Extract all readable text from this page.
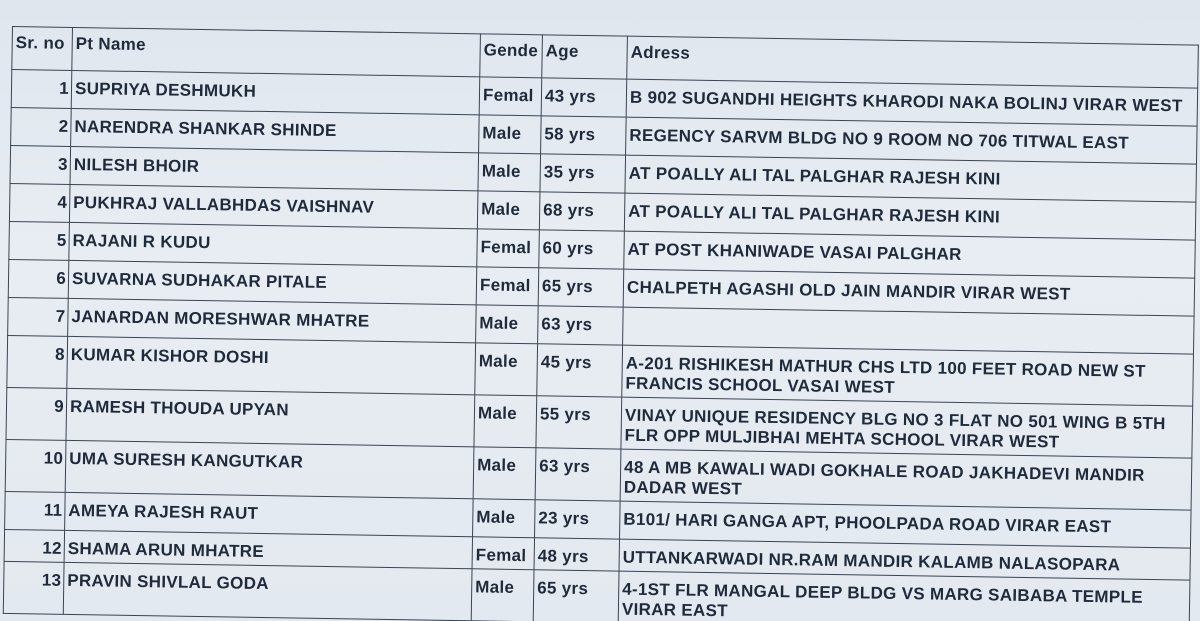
Sr. no	Pt Name	Gende	Age	Adress
1	SUPRIYA DESHMUKH	Femal	43 yrs	B 902 SUGANDHI HEIGHTS KHARODI NAKA BOLINJ VIRAR WEST

2	NARENDRA SHANKAR SHINDE	Male	58 yrs	REGENCY SARVM BLDG NO 9 ROOM NO 706 TITWAL EAST

3	NILESH BHOIR	Male	35 yrs	AT POALLY ALI TAL PALGHAR RAJESH KINI

4	PUKHRAJ VALLABHDAS VAISHNAV	Male	68 yrs	AT POALLY ALI TAL PALGHAR RAJESH KINI

5	RAJANI R KUDU	Femal	60 yrs	AT POST KHANIWADE VASAI PALGHAR

6	SUVARNA SUDHAKAR PITALE	Femal	65 yrs	CHALPETH AGASHI OLD JAIN MANDIR VIRAR WEST

7	JANARDAN MORESHWAR MHATRE	Male	63 yrs	

8	KUMAR KISHOR DOSHI	Male	45 yrs	A-201 RISHIKESH MATHUR CHS LTD 100 FEET ROAD NEW ST FRANCIS SCHOOL VASAI WEST

9	RAMESH THOUDA UPYAN	Male	55 yrs	VINAY UNIQUE RESIDENCY BLG NO 3 FLAT NO 501 WING B 5TH FLR OPP MULJIBHAI MEHTA SCHOOL VIRAR WEST

10	UMA SURESH KANGUTKAR	Male	63 yrs	48 A MB KAWALI WADI GOKHALE ROAD JAKHADEVI MANDIR DADAR WEST

11	AMEYA RAJESH RAUT	Male	23 yrs	B101/ HARI GANGA APT, PHOOLPADA ROAD VIRAR EAST

12	SHAMA ARUN MHATRE	Femal	48 yrs	UTTANKARWADI NR.RAM MANDIR KALAMB NALASOPARA

13	PRAVIN SHIVLAL GODA	Male	65 yrs	4-1ST FLR MANGAL DEEP BLDG VS MARG SAIBABA TEMPLE VIRAR EAST
